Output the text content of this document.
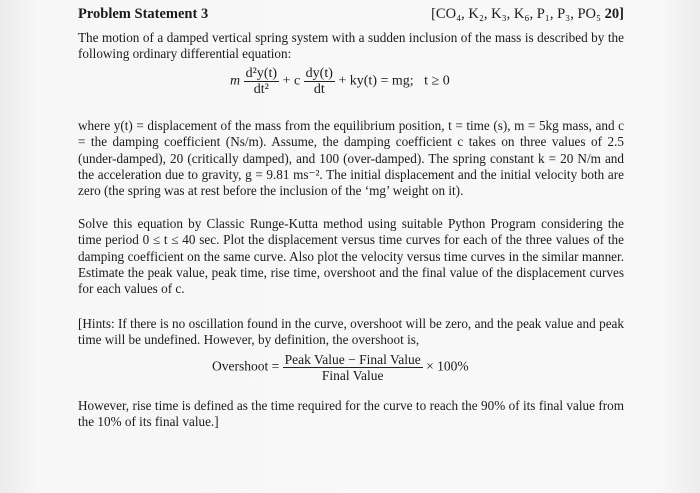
Problem Statement 3	[CO₄, K₂, K₃, K₆, P₁, P₃, PO₅ 20]
The motion of a damped vertical spring system with a sudden inclusion of the mass is described by the following ordinary differential equation:
m $\frac{\text{d²y(t)}}{\text{dt²}} + c \frac{dy(t)}{dt} + ky(t)$ = mg; t ≥ 0
where y(t) = displacement of the mass from the equilibrium position, t = time (s), m = 5kg mass, and c = the damping coefficient (Ns/m). Assume, the damping coefficient c takes on three values of 2.5 (under-damped), 20 (critically damped), and 100 (over-damped). The spring constant k = 20 N/m and the acceleration due to gravity, g = 9.81 ms⁻². The initial displacement and the initial velocity both are zero (the spring was at rest before the inclusion of the ‘mg’ weight on it).
Solve this equation by Classic Runge-Kutta method using suitable Python Program considering the time period 0 ≤ t ≤ 40 sec. Plot the displacement versus time curves for each of the three values of the damping coefficient on the same curve. Also plot the velocity versus time curves in the similar manner. Estimate the peak value, peak time, rise time, overshoot and the final value of the displacement curves for each values of c.
[Hints: If there is no oscillation found in the curve, overshoot will be zero, and the peak value and peak time will be undefined. However, by definition, the overshoot is,
Overshoot = $\frac{\text{Peak Value − Final Value}}{\text{Final Value}} \times 100\%$
However, rise time is defined as the time required for the curve to reach the 90% of its final value from the 10% of its final value.]
